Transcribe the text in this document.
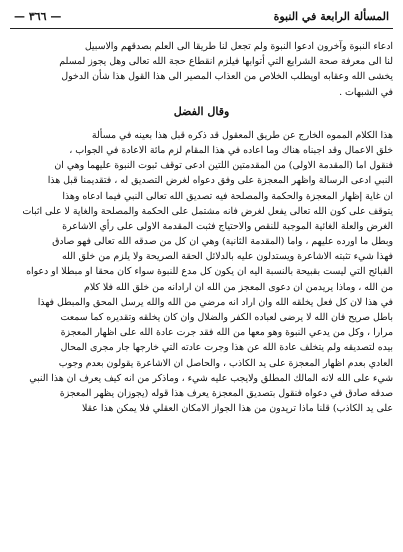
المسألة الرابعة في النبوة
— ٣٦٦ —
ادعاء النبوة وآخرون ادعوا النبوة ولم تجعل لنا طريقا الى العلم بصدقهم والاسبيل
لنا الى معرفة صحة الشرايع التي أتوابها فيلزم انقطاع حجة الله تعالى وهل يجوز لمسلم
يخشى الله وعقابه اويطلب الخلاص من العذاب المصير الى هذا القول هذا شأن الدخول
في الشبهات .
وقال الفضل
هذا الكلام المموه الخارج عن طريق المعقول قد ذكره قبل هذا بعينه في مسألة
خلق الاعمال وقد اجبناه هناك وما اعاده في هذا المقام لزم مائة الاعادة في الجواب ،
فنقول اما (المقدمة الاولى) من المقدمتين اللتين ادعى توقف ثبوت النبوة عليهما وهي ان
النبي ادعى الرسالة واظهر المعجزة على وفق دعواه لغرض التصديق له ، فتقديمنا قبل هذا
ان غاية إظهار المعجزة والحكمة والمصلحة فيه تصديق الله تعالى النبي فيما ادعاه وهذا
يتوقف على كون الله تعالى يفعل لغرض فانه مشتمل على الحكمة والمصلحة والغاية لا على اثبات
الغرض والعلة الغائية الموجبة للنقص والاحتياج فثبت المقدمة الاولى على رأي الاشاعرة
وبطل ما اورده عليهم ، واما (المقدمة الثانية) وهي ان كل من صدقه الله تعالى فهو صادق
فهذا شيء تثبته الاشاعرة ويستدلون عليه بالدلائل الحقة الصريحة ولا يلزم من خلق الله
القبائح التي ليست بقبيحة بالنسبة اليه ان يكون كل مدع للنبوة سواء كان محقا او مبطلا او دعواه
من الله ، وماذا يريدمن ان دعوى المعجز من الله ان ارادانه من خلق الله فلا كلام
في هذا لان كل فعل يخلقه الله وان اراد انه مرضي من الله والله يرسل المحق والمبطل فهذا
باطل صريح فان الله لا يرضى لعباده الكفر والضلال وان كان يخلقه وتقديره كما سمعت
مرارا ، وكل من يدعي النبوة وهو معها من الله فقد جرت عادة الله على اظهار المعجزة
بيده لتصديقه ولم يتخلف عادة الله عن هذا وجرت عادته التي خارجها جار مجرى المحال
العادي بعدم اظهار المعجزة على يد الكاذب ، والحاصل ان الاشاعرة يقولون بعدم وجوب
شيء على الله لانه المالك المطلق ولايجب عليه شيء ، وماذكر من انه كيف يعرف ان هذا النبي
صدقه صادق في دعواه فنقول بتصديق المعجزة يعرف هذا قوله (يجوزان يظهر المعجزة
على يد الكاذب) قلنا ماذا تريدون من هذا الجواز الامكان العقلي فلا يمكن هذا عقلا
